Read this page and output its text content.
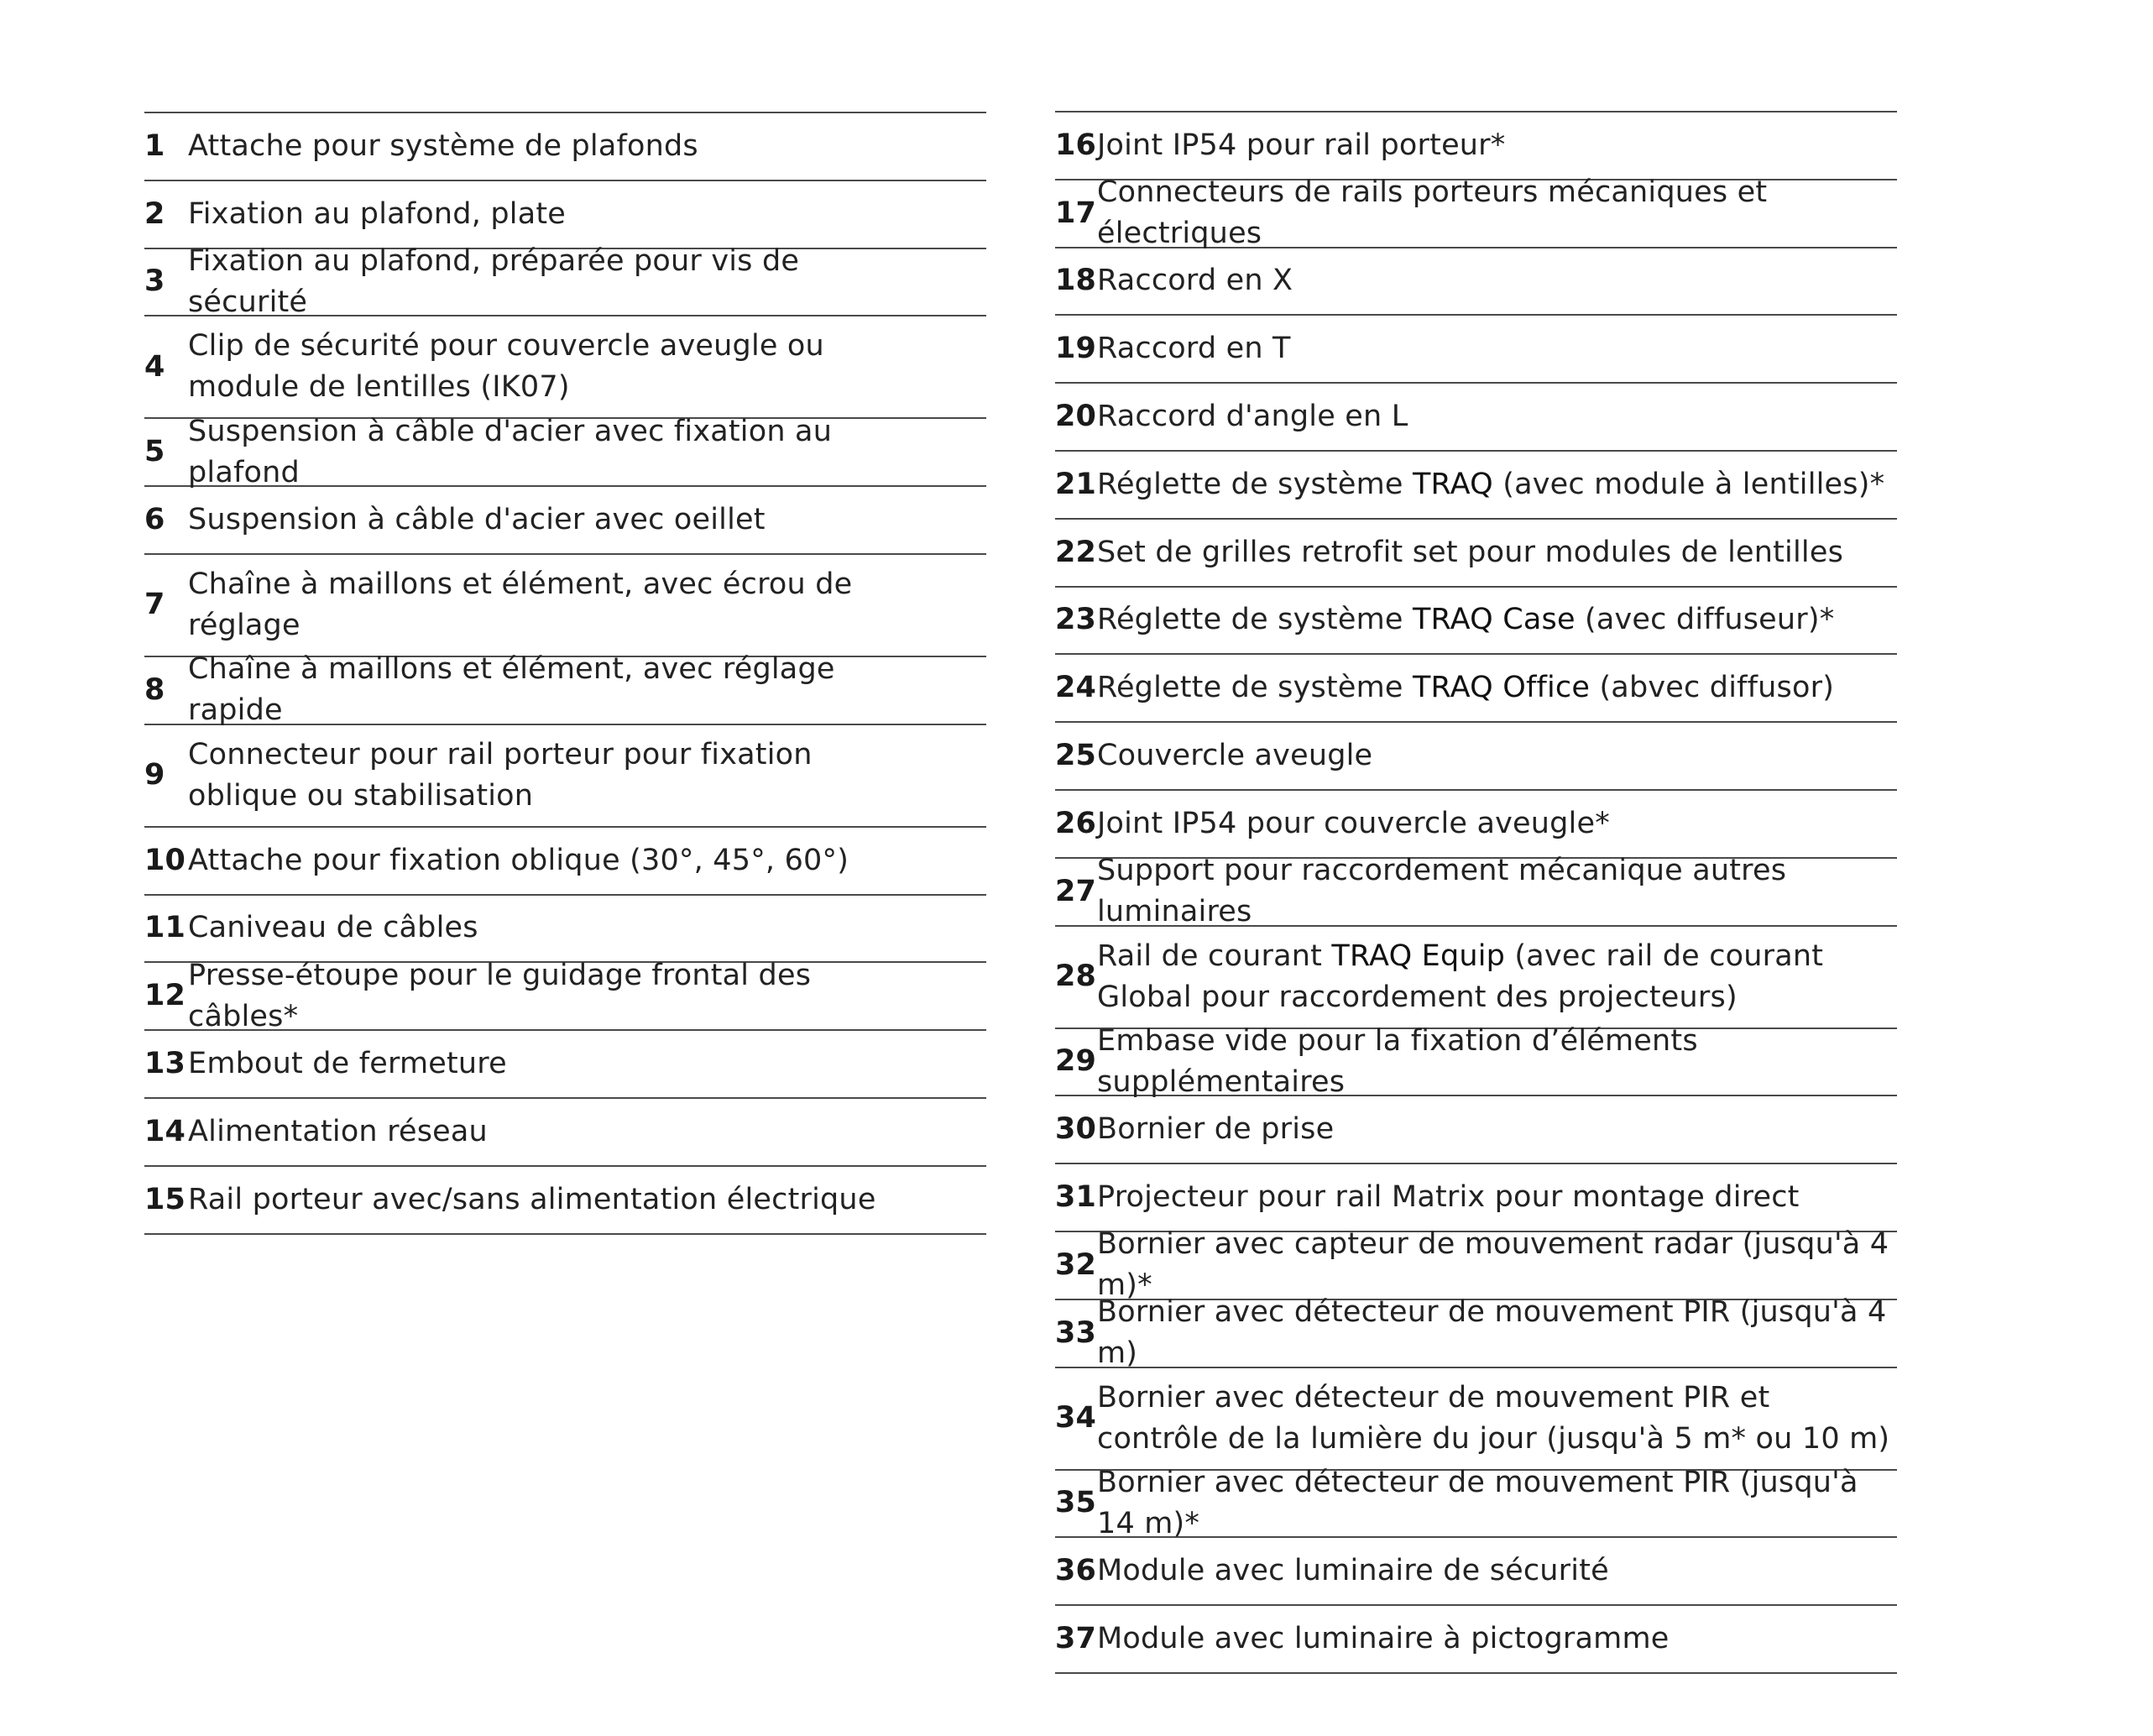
1 Attache pour système de plafonds
2 Fixation au plafond, plate
3
Fixation au plafond, préparée pour vis de sécurité
4
Clip de sécurité pour couvercle aveugle ou module de lentilles (IK07)
5
Suspension à câble d'acier avec fixation au plafond
6 Suspension à câble d'acier avec oeillet
7
Chaîne à maillons et élément, avec écrou de réglage
8
Chaîne à maillons et élément, avec réglage rapide
9
Connecteur pour rail porteur pour fixation oblique ou stabilisation
10 Attache pour fixation oblique (30°, 45°, 60°)
11 Caniveau de câbles
12
Presse-étoupe pour le guidage frontal des câbles*
13 Embout de fermeture
14 Alimentation réseau
15 Rail porteur avec/sans alimentation électrique
16 Joint IP54 pour rail porteur*
17
Connecteurs de rails porteurs mécaniques et électriques
18 Raccord en X
19 Raccord en T
20 Raccord d'angle en L
21 Réglette de système TRAQ (avec module à lentilles)*
22 Set de grilles retrofit set pour modules de lentilles
23 Réglette de système TRAQ Case (avec diffuseur)*
24 Réglette de système TRAQ Office (abvec diffusor)
25 Couvercle aveugle
26 Joint IP54 pour couvercle aveugle*
27
Support pour raccordement mécanique autres luminaires
28
Rail de courant TRAQ Equip (avec rail de courant Global pour raccordement des projecteurs)
29
Embase vide pour la fixation d’éléments supplémentaires
30 Bornier de prise
31 Projecteur pour rail Matrix pour montage direct
32
Bornier avec capteur de mouvement radar (jusqu'à 4 m)*
33
Bornier avec détecteur de mouvement PIR (jusqu'à 4 m)
34
Bornier avec détecteur de mouvement PIR et contrôle de la lumière du jour (jusqu'à 5 m* ou 10 m)
35
Bornier avec détecteur de mouvement PIR (jusqu'à 14 m)*
36 Module avec luminaire de sécurité
37 Module avec luminaire à pictogramme
